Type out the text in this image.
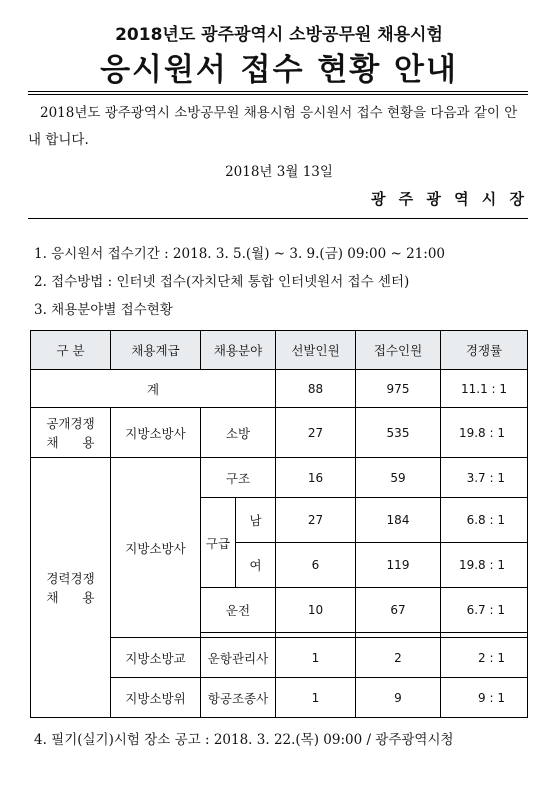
2018년도 광주광역시 소방공무원 채용시험
응시원서 접수 현황 안내
2018년도 광주광역시 소방공무원 채용시험 응시원서 접수 현황을 다음과 같이 안내 합니다.
2018년 3월 13일
광 주 광 역 시 장
1. 응시원서 접수기간 : 2018. 3. 5.(월) ~ 3. 9.(금) 09:00 ~ 21:00
2. 접수방법 : 인터넷 접수(자치단체 통합 인터넷원서 접수 센터)
3. 채용분야별 접수현황
구 분	채용계급	채용분야		선발인원	접수인원	경쟁률
계				88	975	11.1 : 1
공개경쟁
채      용	지방소방사	소방		27	535	19.8 : 1
경력경쟁
채      용	지방소방사	구조		16	59	3.7 : 1
		구급	남	27	184	6.8 : 1
			여	6	119	19.8 : 1
		운전		10	67	6.7 : 1

	지방소방교	운항관리사		1	2	2 : 1
	지방소방위	항공조종사		1	9	9 : 1
4. 필기(실기)시험 장소 공고 : 2018. 3. 22.(목) 09:00 / 광주광역시청
